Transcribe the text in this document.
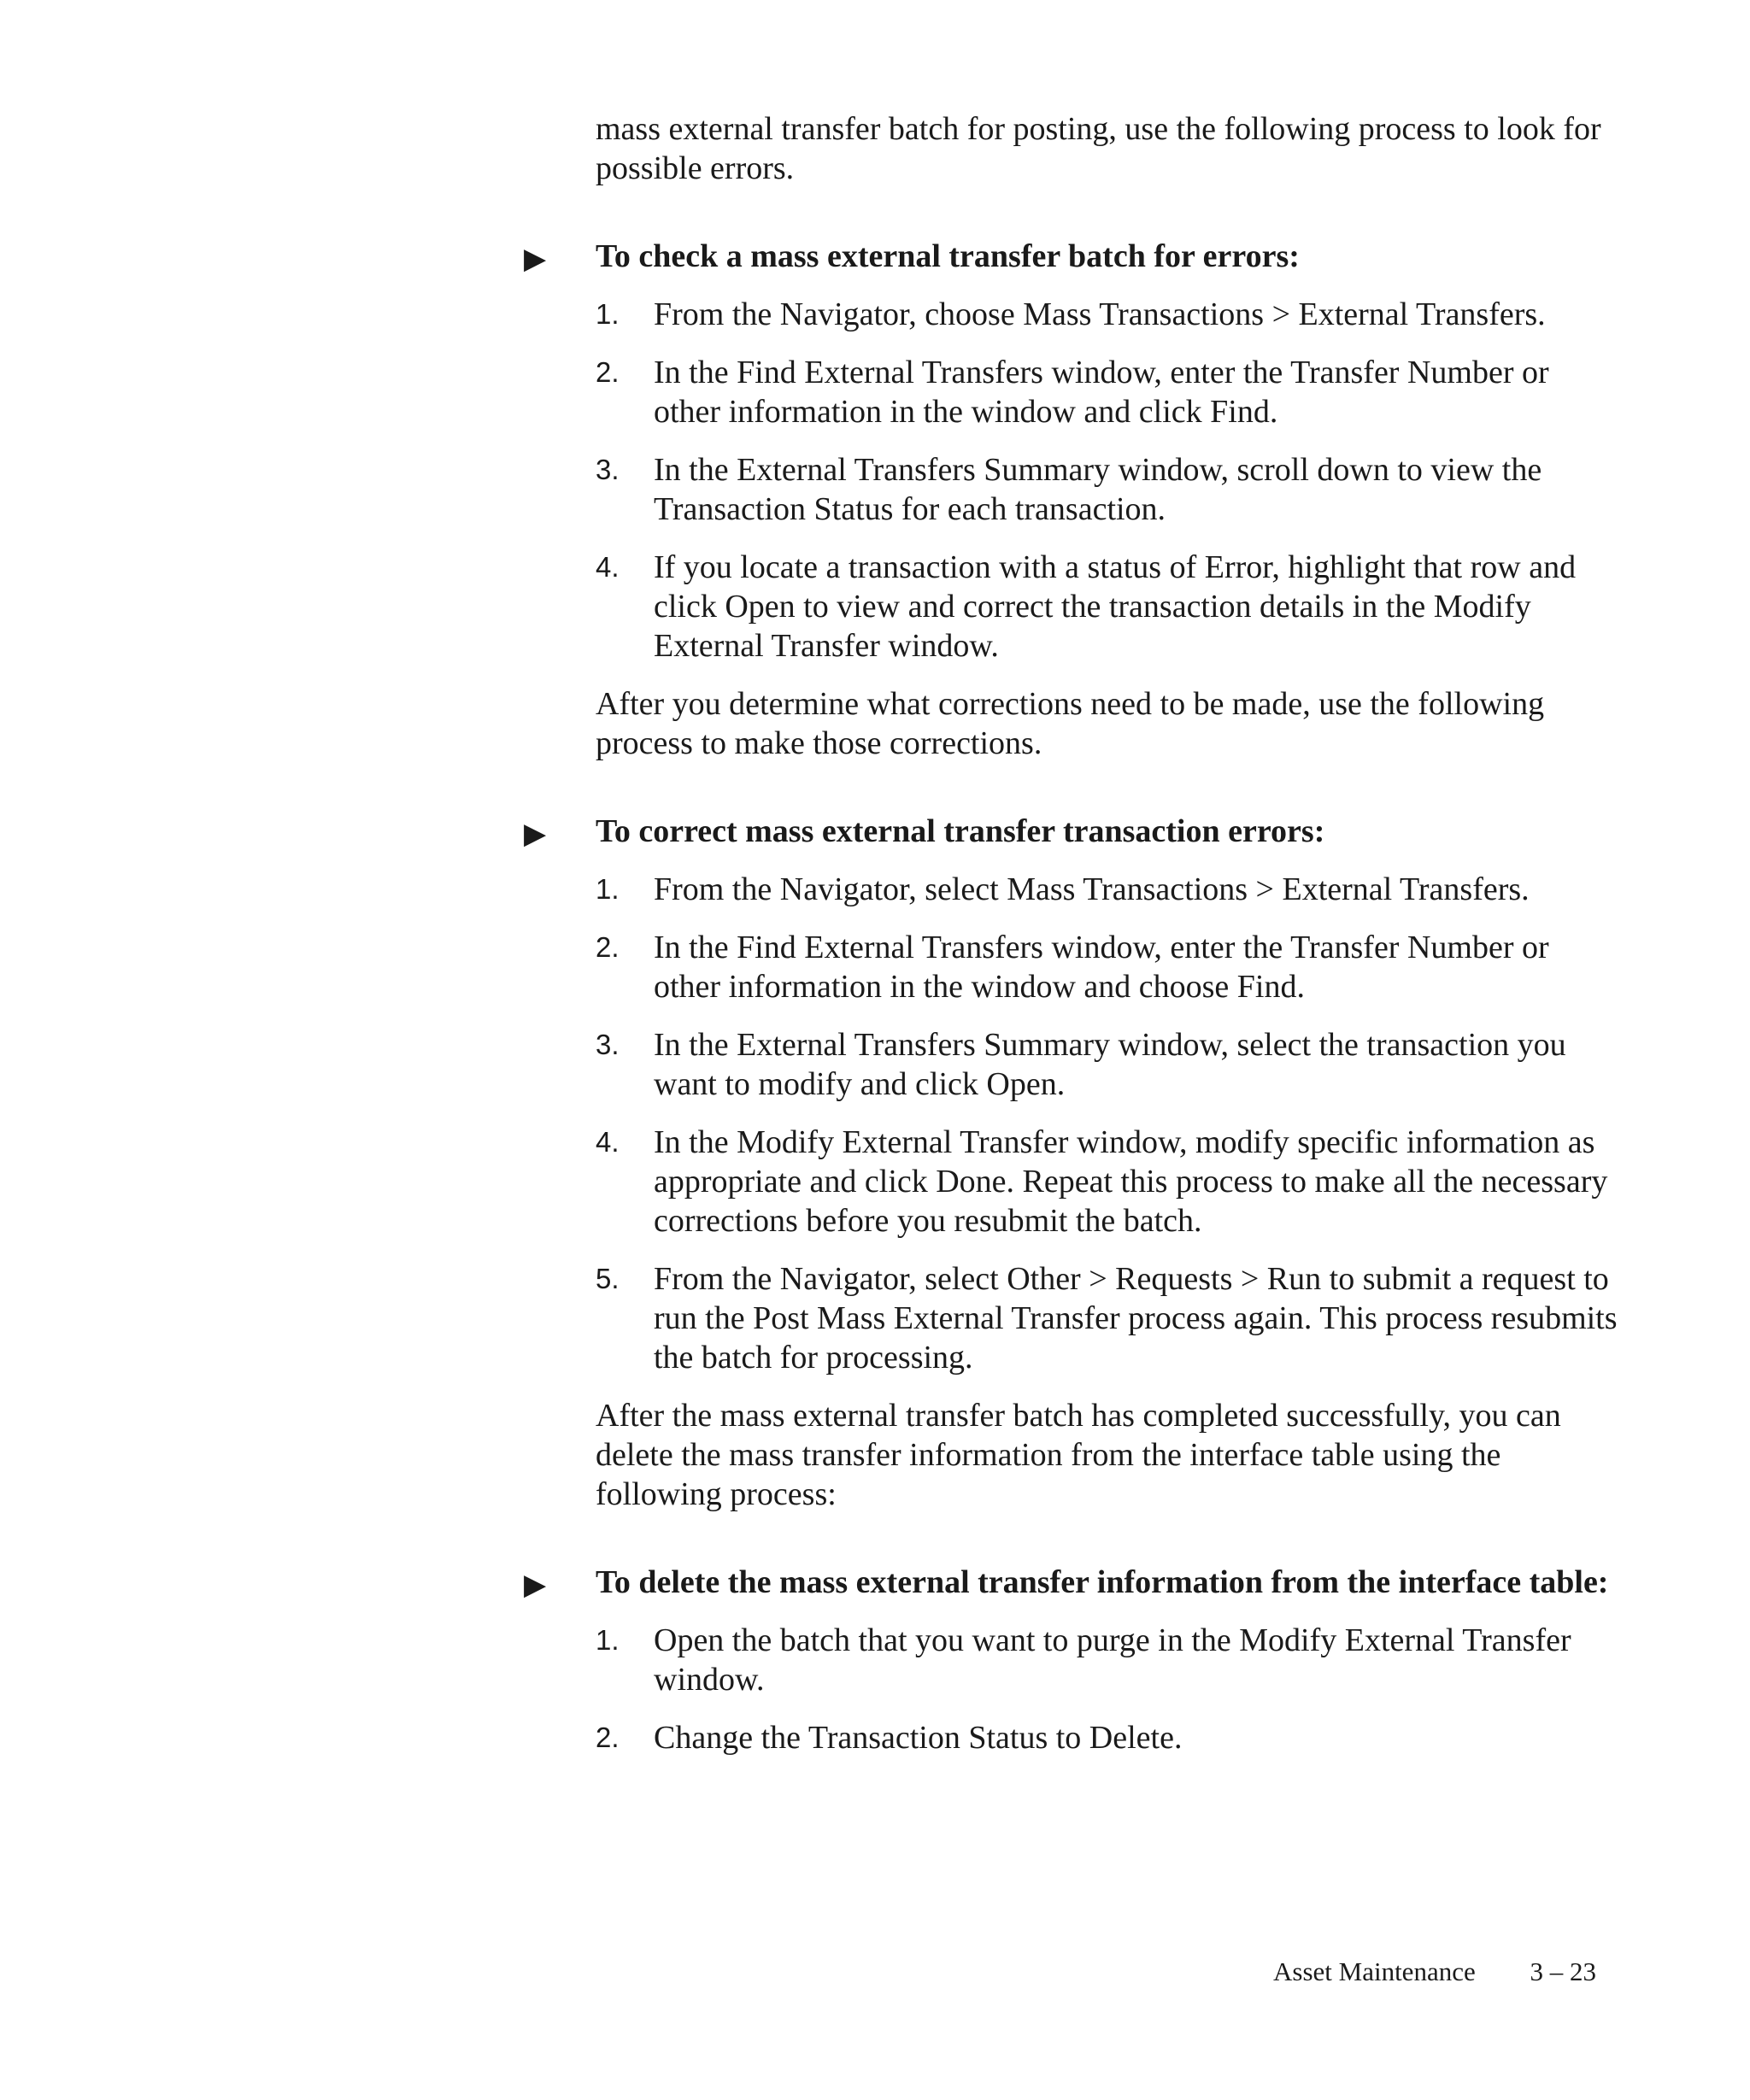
mass external transfer batch for posting, use the following process to look for possible errors.

▶ To check a mass external transfer batch for errors:
1. From the Navigator, choose Mass Transactions > External Transfers.
2. In the Find External Transfers window, enter the Transfer Number or other information in the window and click Find.
3. In the External Transfers Summary window, scroll down to view the Transaction Status for each transaction.
4. If you locate a transaction with a status of Error, highlight that row and click Open to view and correct the transaction details in the Modify External Transfer window.

After you determine what corrections need to be made, use the following process to make those corrections.

▶ To correct mass external transfer transaction errors:
1. From the Navigator, select Mass Transactions > External Transfers.
2. In the Find External Transfers window, enter the Transfer Number or other information in the window and choose Find.
3. In the External Transfers Summary window, select the transaction you want to modify and click Open.
4. In the Modify External Transfer window, modify specific information as appropriate and click Done. Repeat this process to make all the necessary corrections before you resubmit the batch.
5. From the Navigator, select Other > Requests > Run to submit a request to run the Post Mass External Transfer process again. This process resubmits the batch for processing.

After the mass external transfer batch has completed successfully, you can delete the mass transfer information from the interface table using the following process:

▶ To delete the mass external transfer information from the interface table:
1. Open the batch that you want to purge in the Modify External Transfer window.
2. Change the Transaction Status to Delete.
Asset Maintenance 3 – 23
